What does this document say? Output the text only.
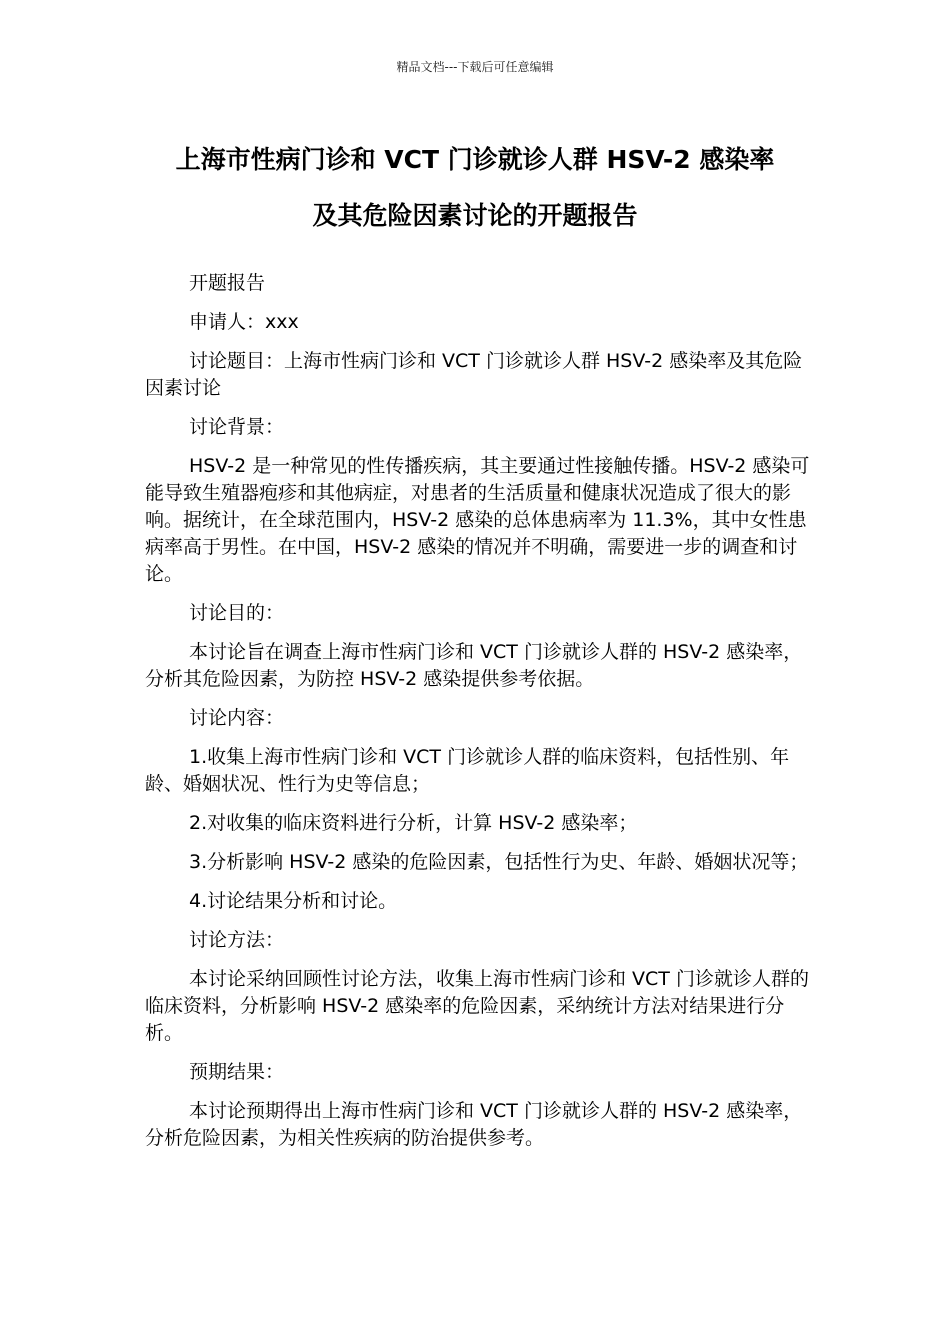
精品文档---下载后可任意编辑
上海市性病门诊和 VCT 门诊就诊人群 HSV-2 感染率
及其危险因素讨论的开题报告

开题报告

申请人：xxx

讨论题目：上海市性病门诊和 VCT 门诊就诊人群 HSV-2 感染率及其危险因素讨论

讨论背景：

HSV-2 是一种常见的性传播疾病，其主要通过性接触传播。HSV-2 感染可能导致生殖器疱疹和其他病症，对患者的生活质量和健康状况造成了很大的影响。据统计，在全球范围内，HSV-2 感染的总体患病率为 11.3%，其中女性患病率高于男性。在中国，HSV-2 感染的情况并不明确，需要进一步的调查和讨论。

讨论目的：

本讨论旨在调查上海市性病门诊和 VCT 门诊就诊人群的 HSV-2 感染率，分析其危险因素，为防控 HSV-2 感染提供参考依据。

讨论内容：

1.收集上海市性病门诊和 VCT 门诊就诊人群的临床资料，包括性别、年龄、婚姻状况、性行为史等信息；

2.对收集的临床资料进行分析，计算 HSV-2 感染率；

3.分析影响 HSV-2 感染的危险因素，包括性行为史、年龄、婚姻状况等；

4.讨论结果分析和讨论。

讨论方法：

本讨论采纳回顾性讨论方法，收集上海市性病门诊和 VCT 门诊就诊人群的临床资料，分析影响 HSV-2 感染率的危险因素，采纳统计方法对结果进行分析。

预期结果：

本讨论预期得出上海市性病门诊和 VCT 门诊就诊人群的 HSV-2 感染率，分析危险因素，为相关性疾病的防治提供参考。
